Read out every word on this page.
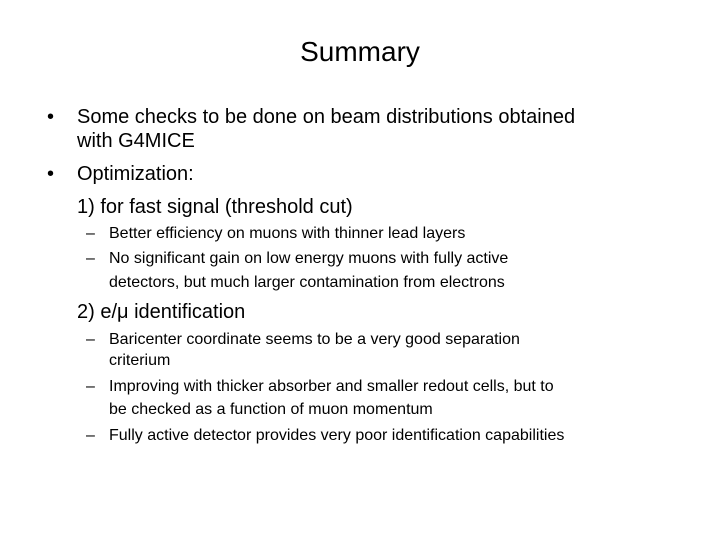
Summary
• Some checks to be done on beam distributions obtained
with G4MICE
• Optimization:
1) for fast signal (threshold cut)
– Better efficiency on muons with thinner lead layers
– No significant gain on low energy muons with fully active
detectors, but much larger contamination from electrons
2) e/μ identification
– Baricenter coordinate seems to be a very good separation
criterium
– Improving with thicker absorber and smaller redout cells, but to
be checked as a function of muon momentum
– Fully active detector provides very poor identification capabilities
